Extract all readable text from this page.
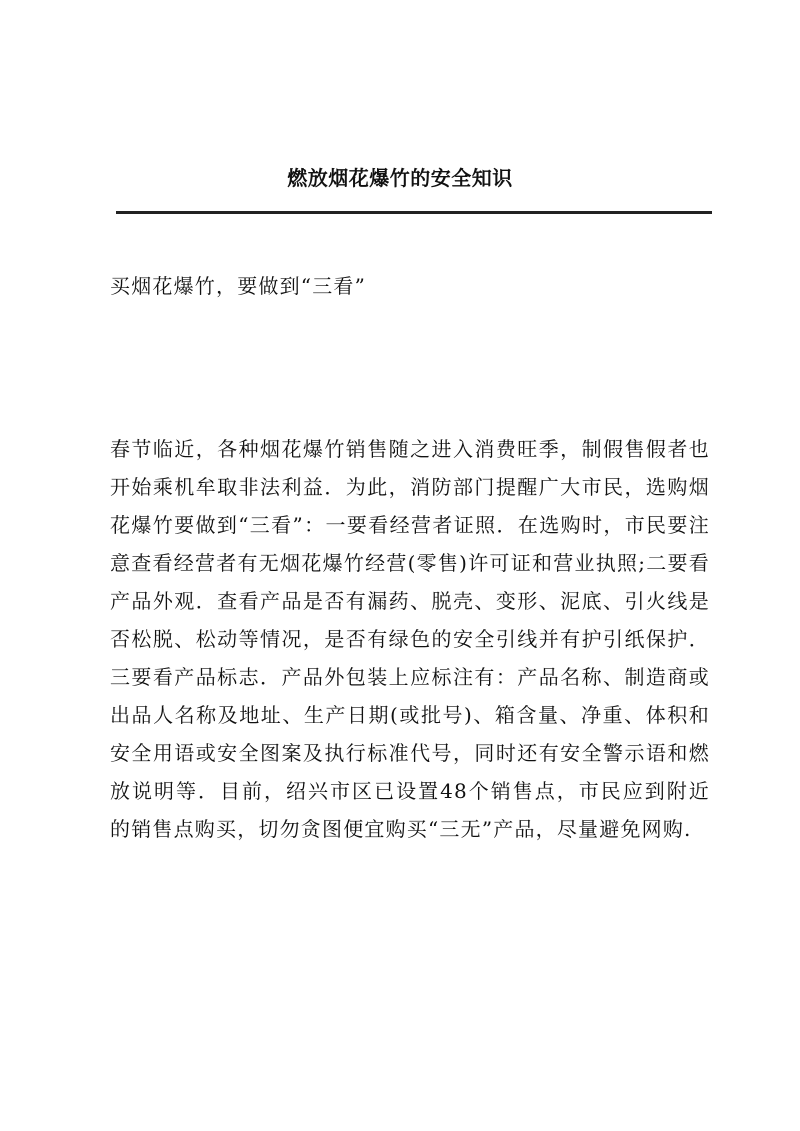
燃放烟花爆竹的安全知识
买烟花爆竹，要做到“三看”

春节临近，各种烟花爆竹销售随之进入消费旺季，制假售假者也开始乘机牟取非法利益．为此，消防部门提醒广大市民，选购烟花爆竹要做到“三看”：一要看经营者证照．在选购时，市民要注意查看经营者有无烟花爆竹经营(零售)许可证和营业执照;二要看产品外观．查看产品是否有漏药、脱壳、变形、泥底、引火线是否松脱、松动等情况，是否有绿色的安全引线并有护引纸保护．三要看产品标志．产品外包装上应标注有：产品名称、制造商或出品人名称及地址、生产日期(或批号)、箱含量、净重、体积和安全用语或安全图案及执行标准代号，同时还有安全警示语和燃放说明等．目前，绍兴市区已设置48个销售点，市民应到附近的销售点购买，切勿贪图便宜购买“三无”产品，尽量避免网购.
